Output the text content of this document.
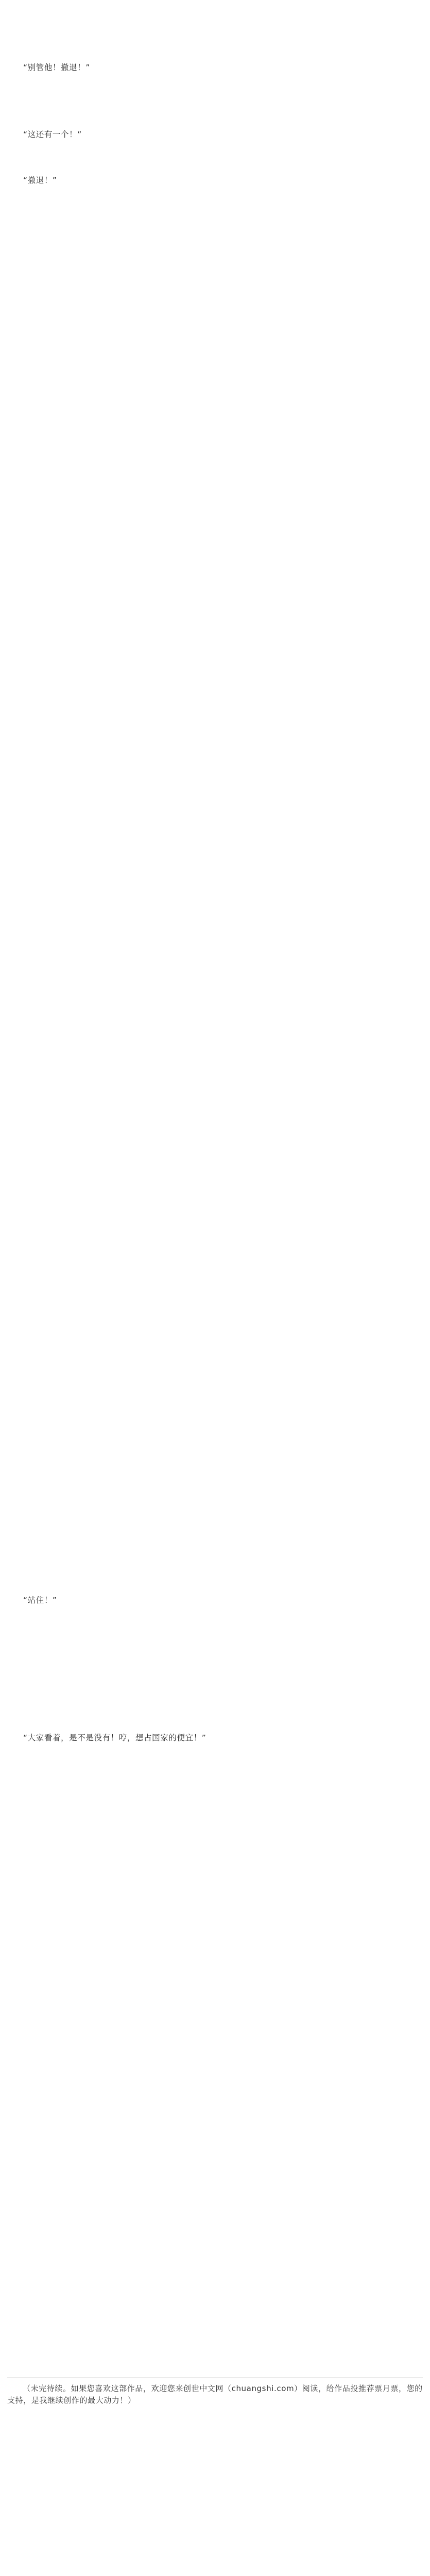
“别管他！撤退！”

“这还有一个！”

“撤退！”

“站住！”

“大家看着，是不是没有！哼，想占国家的便宜！”

（未完待续。如果您喜欢这部作品，欢迎您来创世中文网（chuangshi.com）阅读，给作品投推荐票月票，您的支持，是我继续创作的最大动力！）
